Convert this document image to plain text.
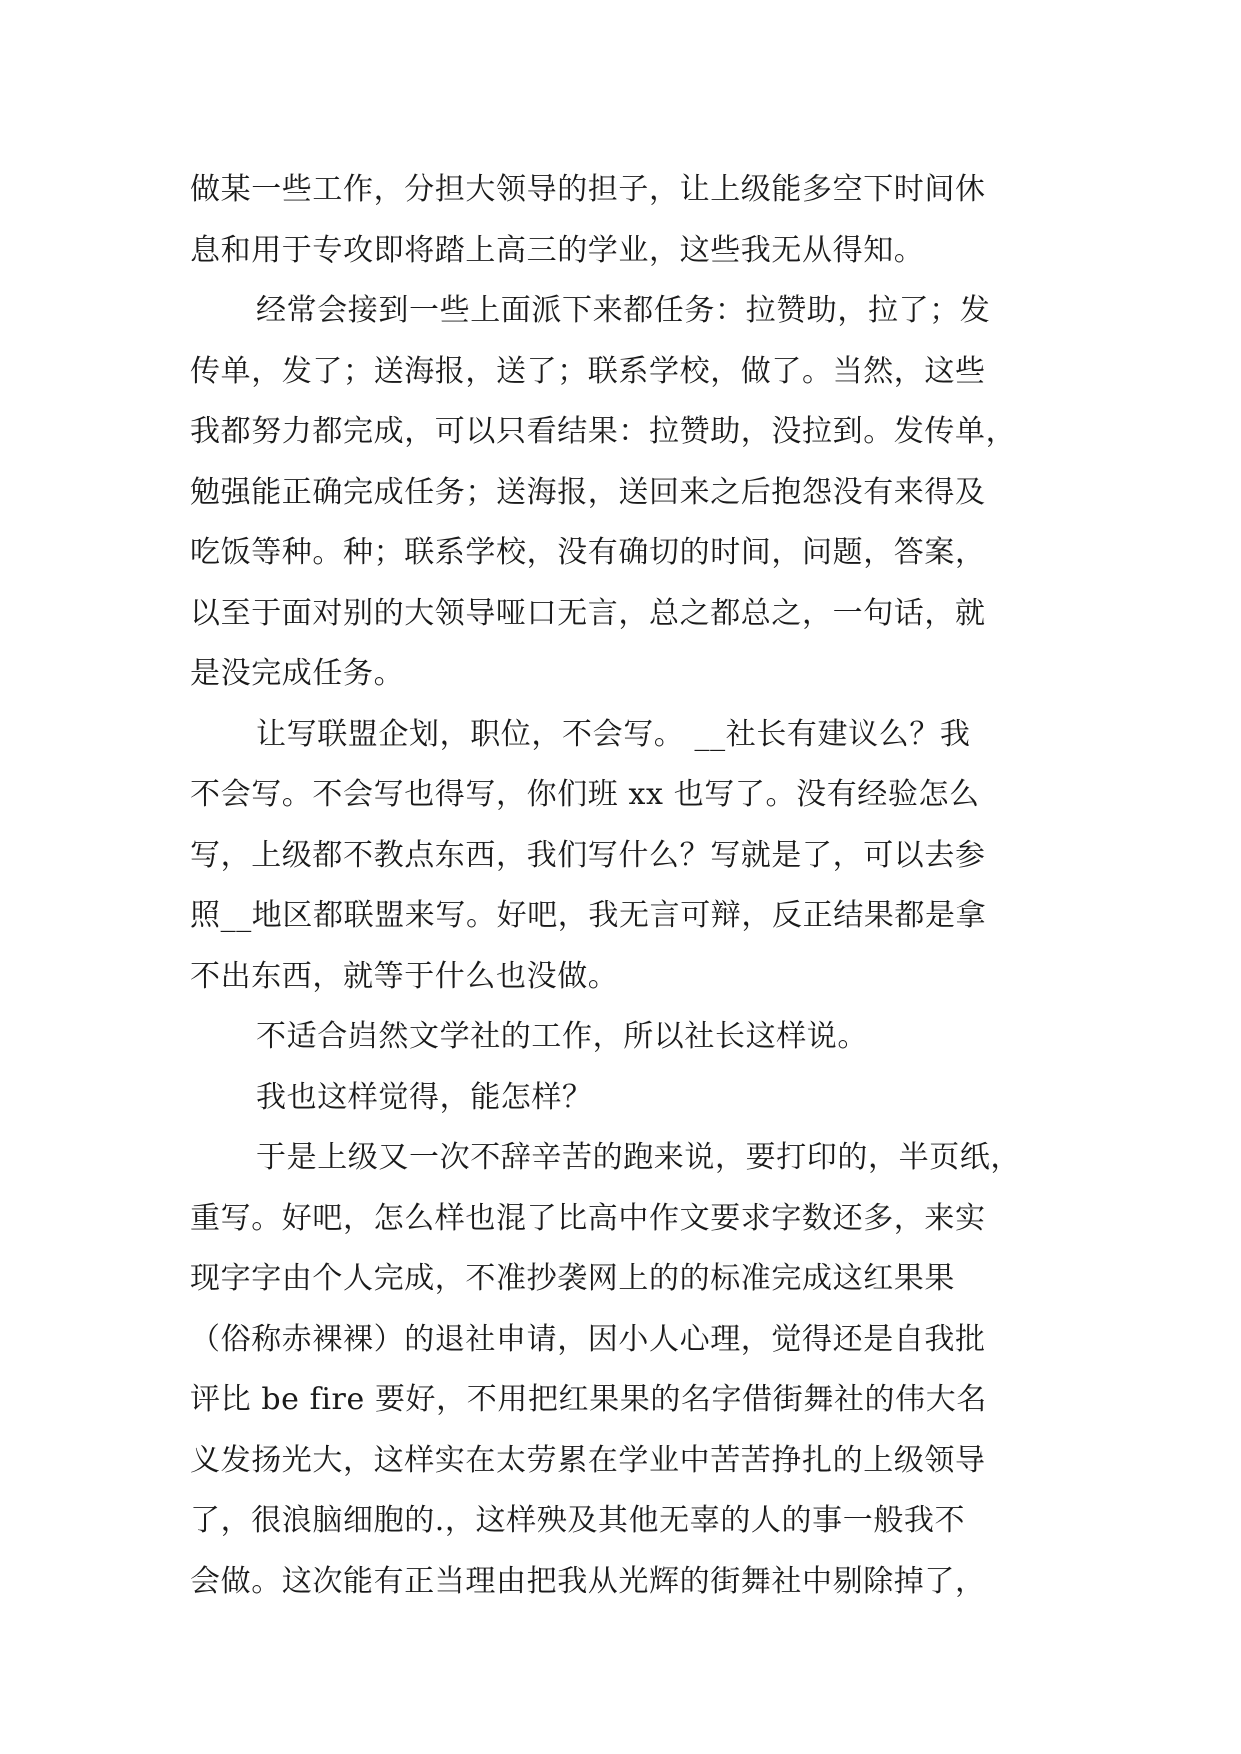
做某一些工作，分担大领导的担子，让上级能多空下时间休
息和用于专攻即将踏上高三的学业，这些我无从得知。
经常会接到一些上面派下来都任务：拉赞助，拉了；发
传单，发了；送海报，送了；联系学校，做了。当然，这些
我都努力都完成，可以只看结果：拉赞助，没拉到。发传单，
勉强能正确完成任务；送海报，送回来之后抱怨没有来得及
吃饭等种。种；联系学校，没有确切的时间，问题，答案，
以至于面对别的大领导哑口无言，总之都总之，一句话，就
是没完成任务。
让写联盟企划，职位，不会写。 __社长有建议么？我
不会写。不会写也得写，你们班 xx 也写了。没有经验怎么
写，上级都不教点东西，我们写什么？写就是了，可以去参
照__地区都联盟来写。好吧，我无言可辩，反正结果都是拿
不出东西，就等于什么也没做。
不适合岿然文学社的工作，所以社长这样说。
我也这样觉得，能怎样？
于是上级又一次不辞辛苦的跑来说，要打印的，半页纸，
重写。好吧，怎么样也混了比高中作文要求字数还多，来实
现字字由个人完成，不准抄袭网上的的标准完成这红果果
（俗称赤裸裸）的退社申请，因小人心理，觉得还是自我批
评比 be fire 要好，不用把红果果的名字借街舞社的伟大名
义发扬光大，这样实在太劳累在学业中苦苦挣扎的上级领导
了，很浪脑细胞的.，这样殃及其他无辜的人的事一般我不
会做。这次能有正当理由把我从光辉的街舞社中剔除掉了，
